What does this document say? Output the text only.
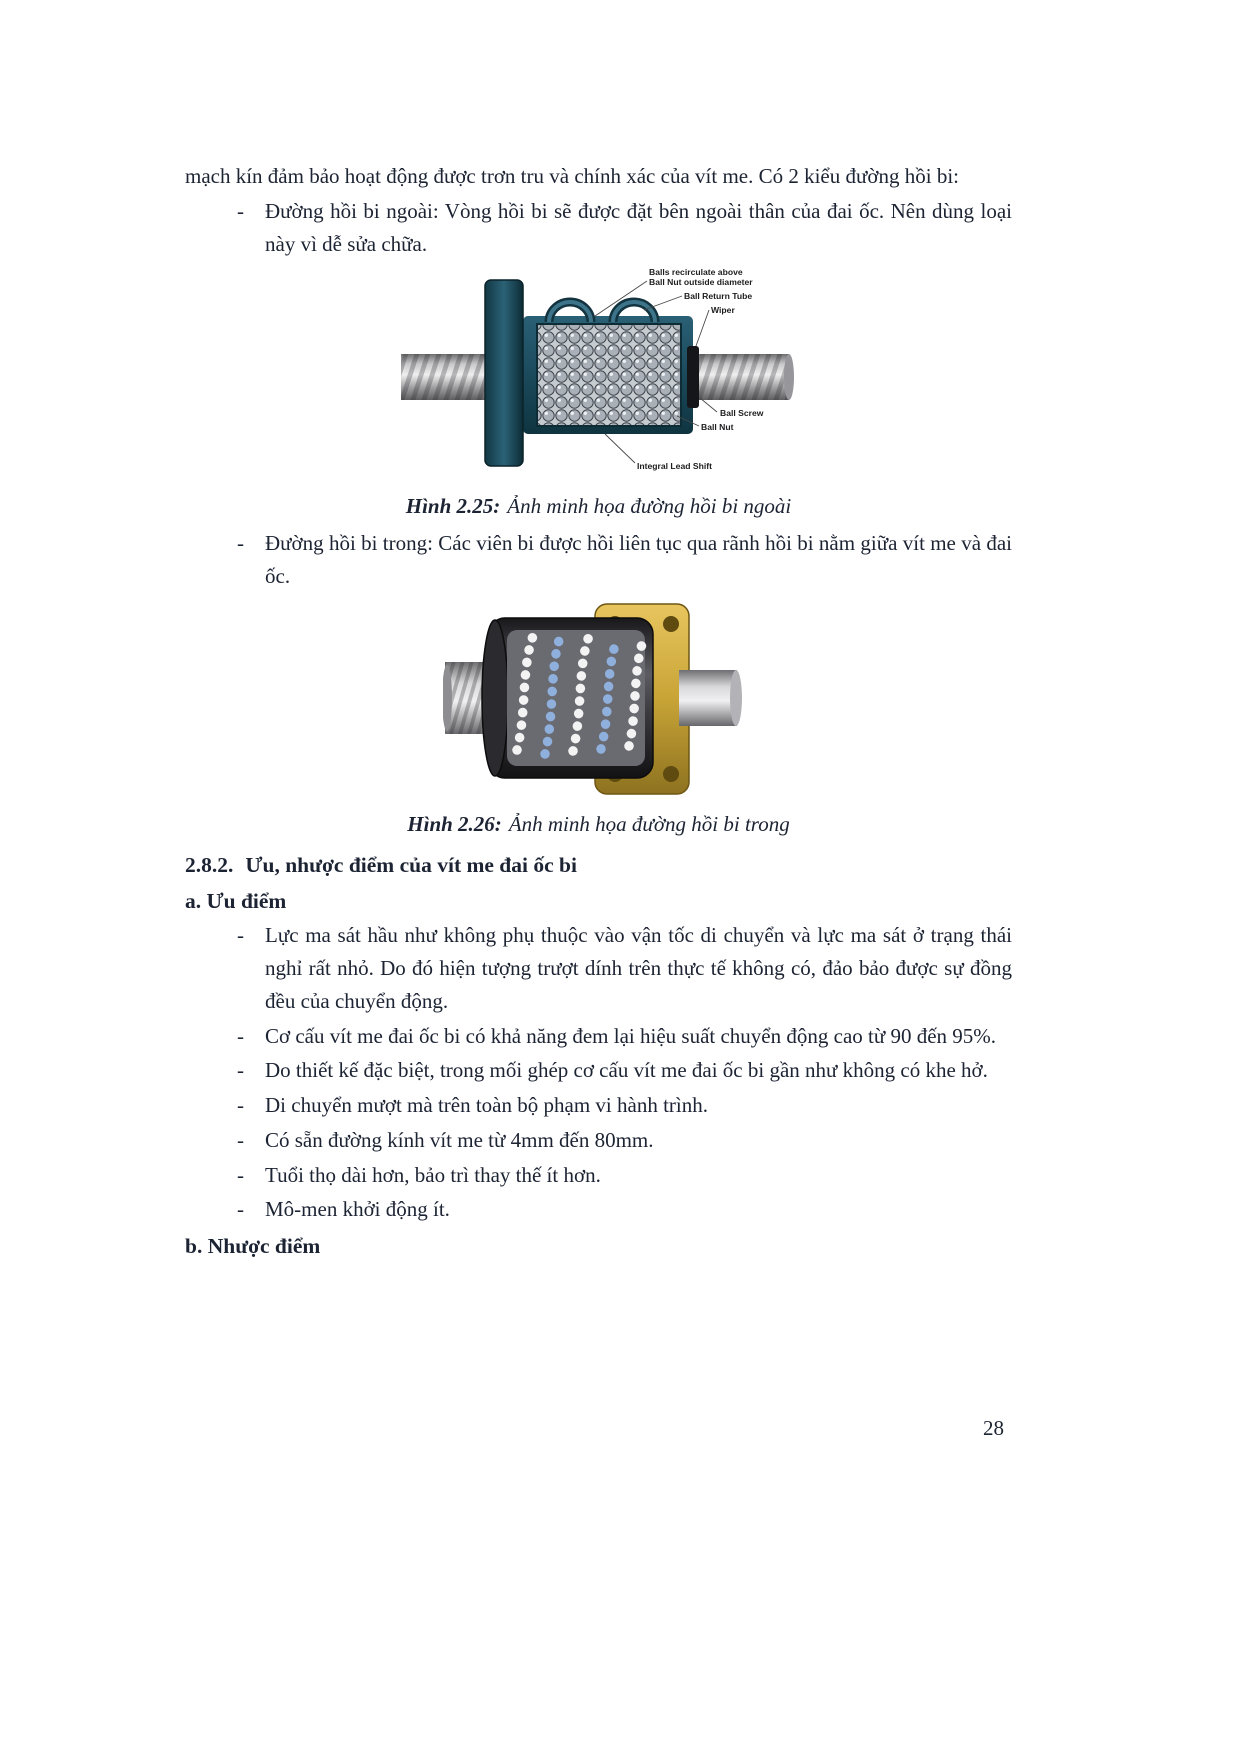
mạch kín đảm bảo hoạt động được trơn tru và chính xác của vít me. Có 2 kiểu đường hồi bi:

-	Đường hồi bi ngoài: Vòng hồi bi sẽ được đặt bên ngoài thân của đai ốc. Nên dùng loại này vì dễ sửa chữa.
Balls recirculate above
Ball Nut outside diameter
Ball Return Tube
Wiper
Ball Screw
Ball Nut
Integral Lead Shift

Hình 2.25: Ảnh minh họa đường hồi bi ngoài

-	Đường hồi bi trong: Các viên bi được hồi liên tục qua rãnh hồi bi nằm giữa vít me và đai ốc.

Hình 2.26: Ảnh minh họa đường hồi bi trong

2.8.2. Ưu, nhược điểm của vít me đai ốc bi
a. Ưu điểm
-	Lực ma sát hầu như không phụ thuộc vào vận tốc di chuyển và lực ma sát ở trạng thái nghỉ rất nhỏ. Do đó hiện tượng trượt dính trên thực tế không có, đảo bảo được sự đồng đều của chuyển động.
-	Cơ cấu vít me đai ốc bi có khả năng đem lại hiệu suất chuyển động cao từ 90 đến 95%.
-	Do thiết kế đặc biệt, trong mối ghép cơ cấu vít me đai ốc bi gần như không có khe hở.
-	Di chuyển mượt mà trên toàn bộ phạm vi hành trình.
-	Có sẵn đường kính vít me từ 4mm đến 80mm.
-	Tuổi thọ dài hơn, bảo trì thay thế ít hơn.
-	Mô-men khởi động ít.
b. Nhược điểm
28
